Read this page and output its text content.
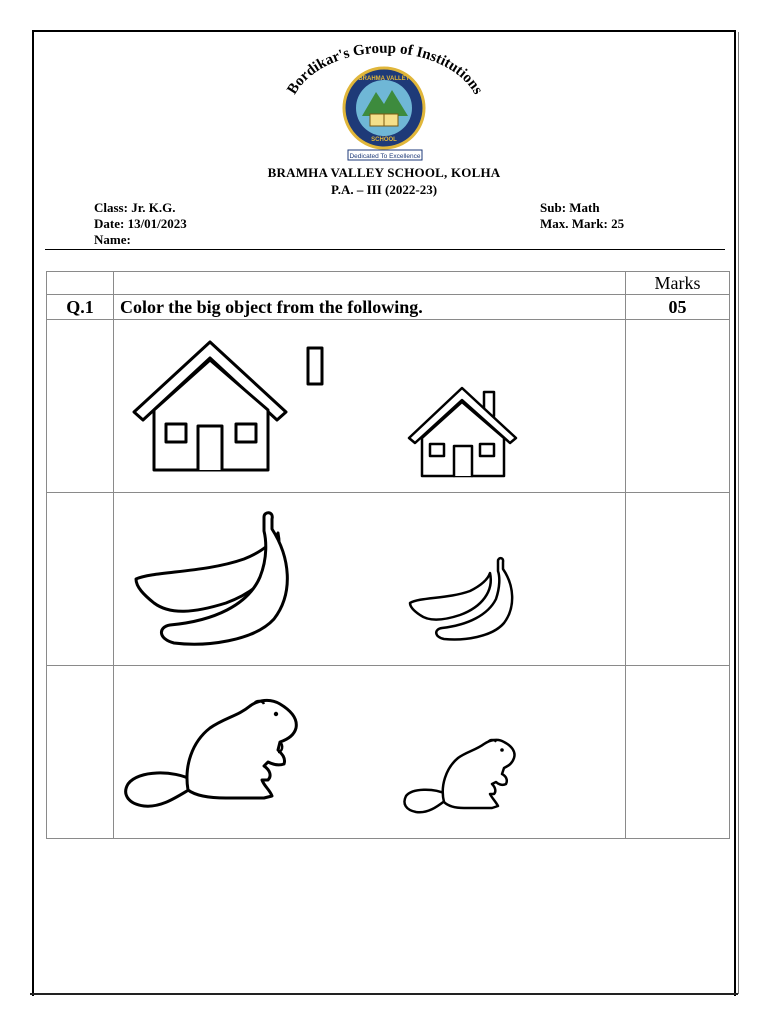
Bordikar's Group of Institutions
BRAHMA VALLEY
SCHOOL
Dedicated To Excellence
BRAMHA VALLEY SCHOOL, KOLHA
P.A. – III (2022-23)
Class: Jr. K.G.
Date: 13/01/2023
Name:
Sub: Math
Max. Mark: 25
		Marks
Q.1	Color the big object from the following.	05
